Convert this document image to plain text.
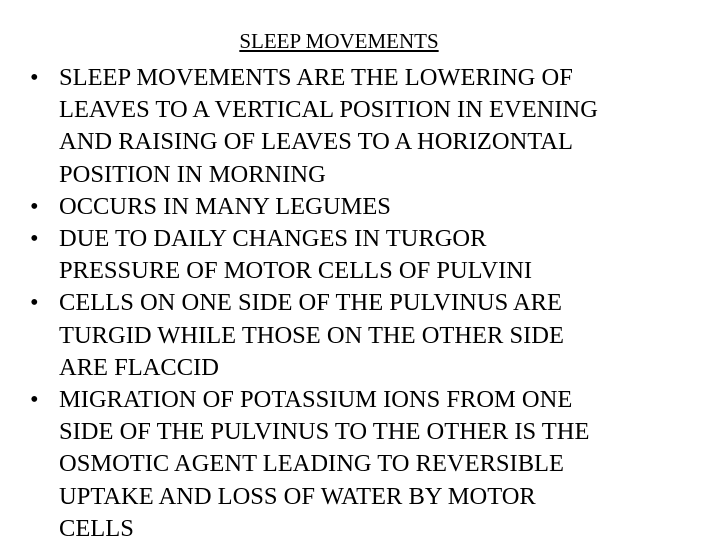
SLEEP MOVEMENTS
• SLEEP MOVEMENTS ARE THE LOWERING OF
LEAVES TO A VERTICAL POSITION IN EVENING
AND RAISING OF LEAVES TO A HORIZONTAL
POSITION IN MORNING
• OCCURS IN MANY LEGUMES
• DUE TO DAILY CHANGES IN TURGOR
PRESSURE OF MOTOR CELLS OF PULVINI
• CELLS ON ONE SIDE OF THE PULVINUS ARE
TURGID WHILE THOSE ON THE OTHER SIDE
ARE FLACCID
• MIGRATION OF POTASSIUM IONS FROM ONE
SIDE OF THE PULVINUS TO THE OTHER IS THE
OSMOTIC AGENT LEADING TO REVERSIBLE
UPTAKE AND LOSS OF WATER BY MOTOR
CELLS
